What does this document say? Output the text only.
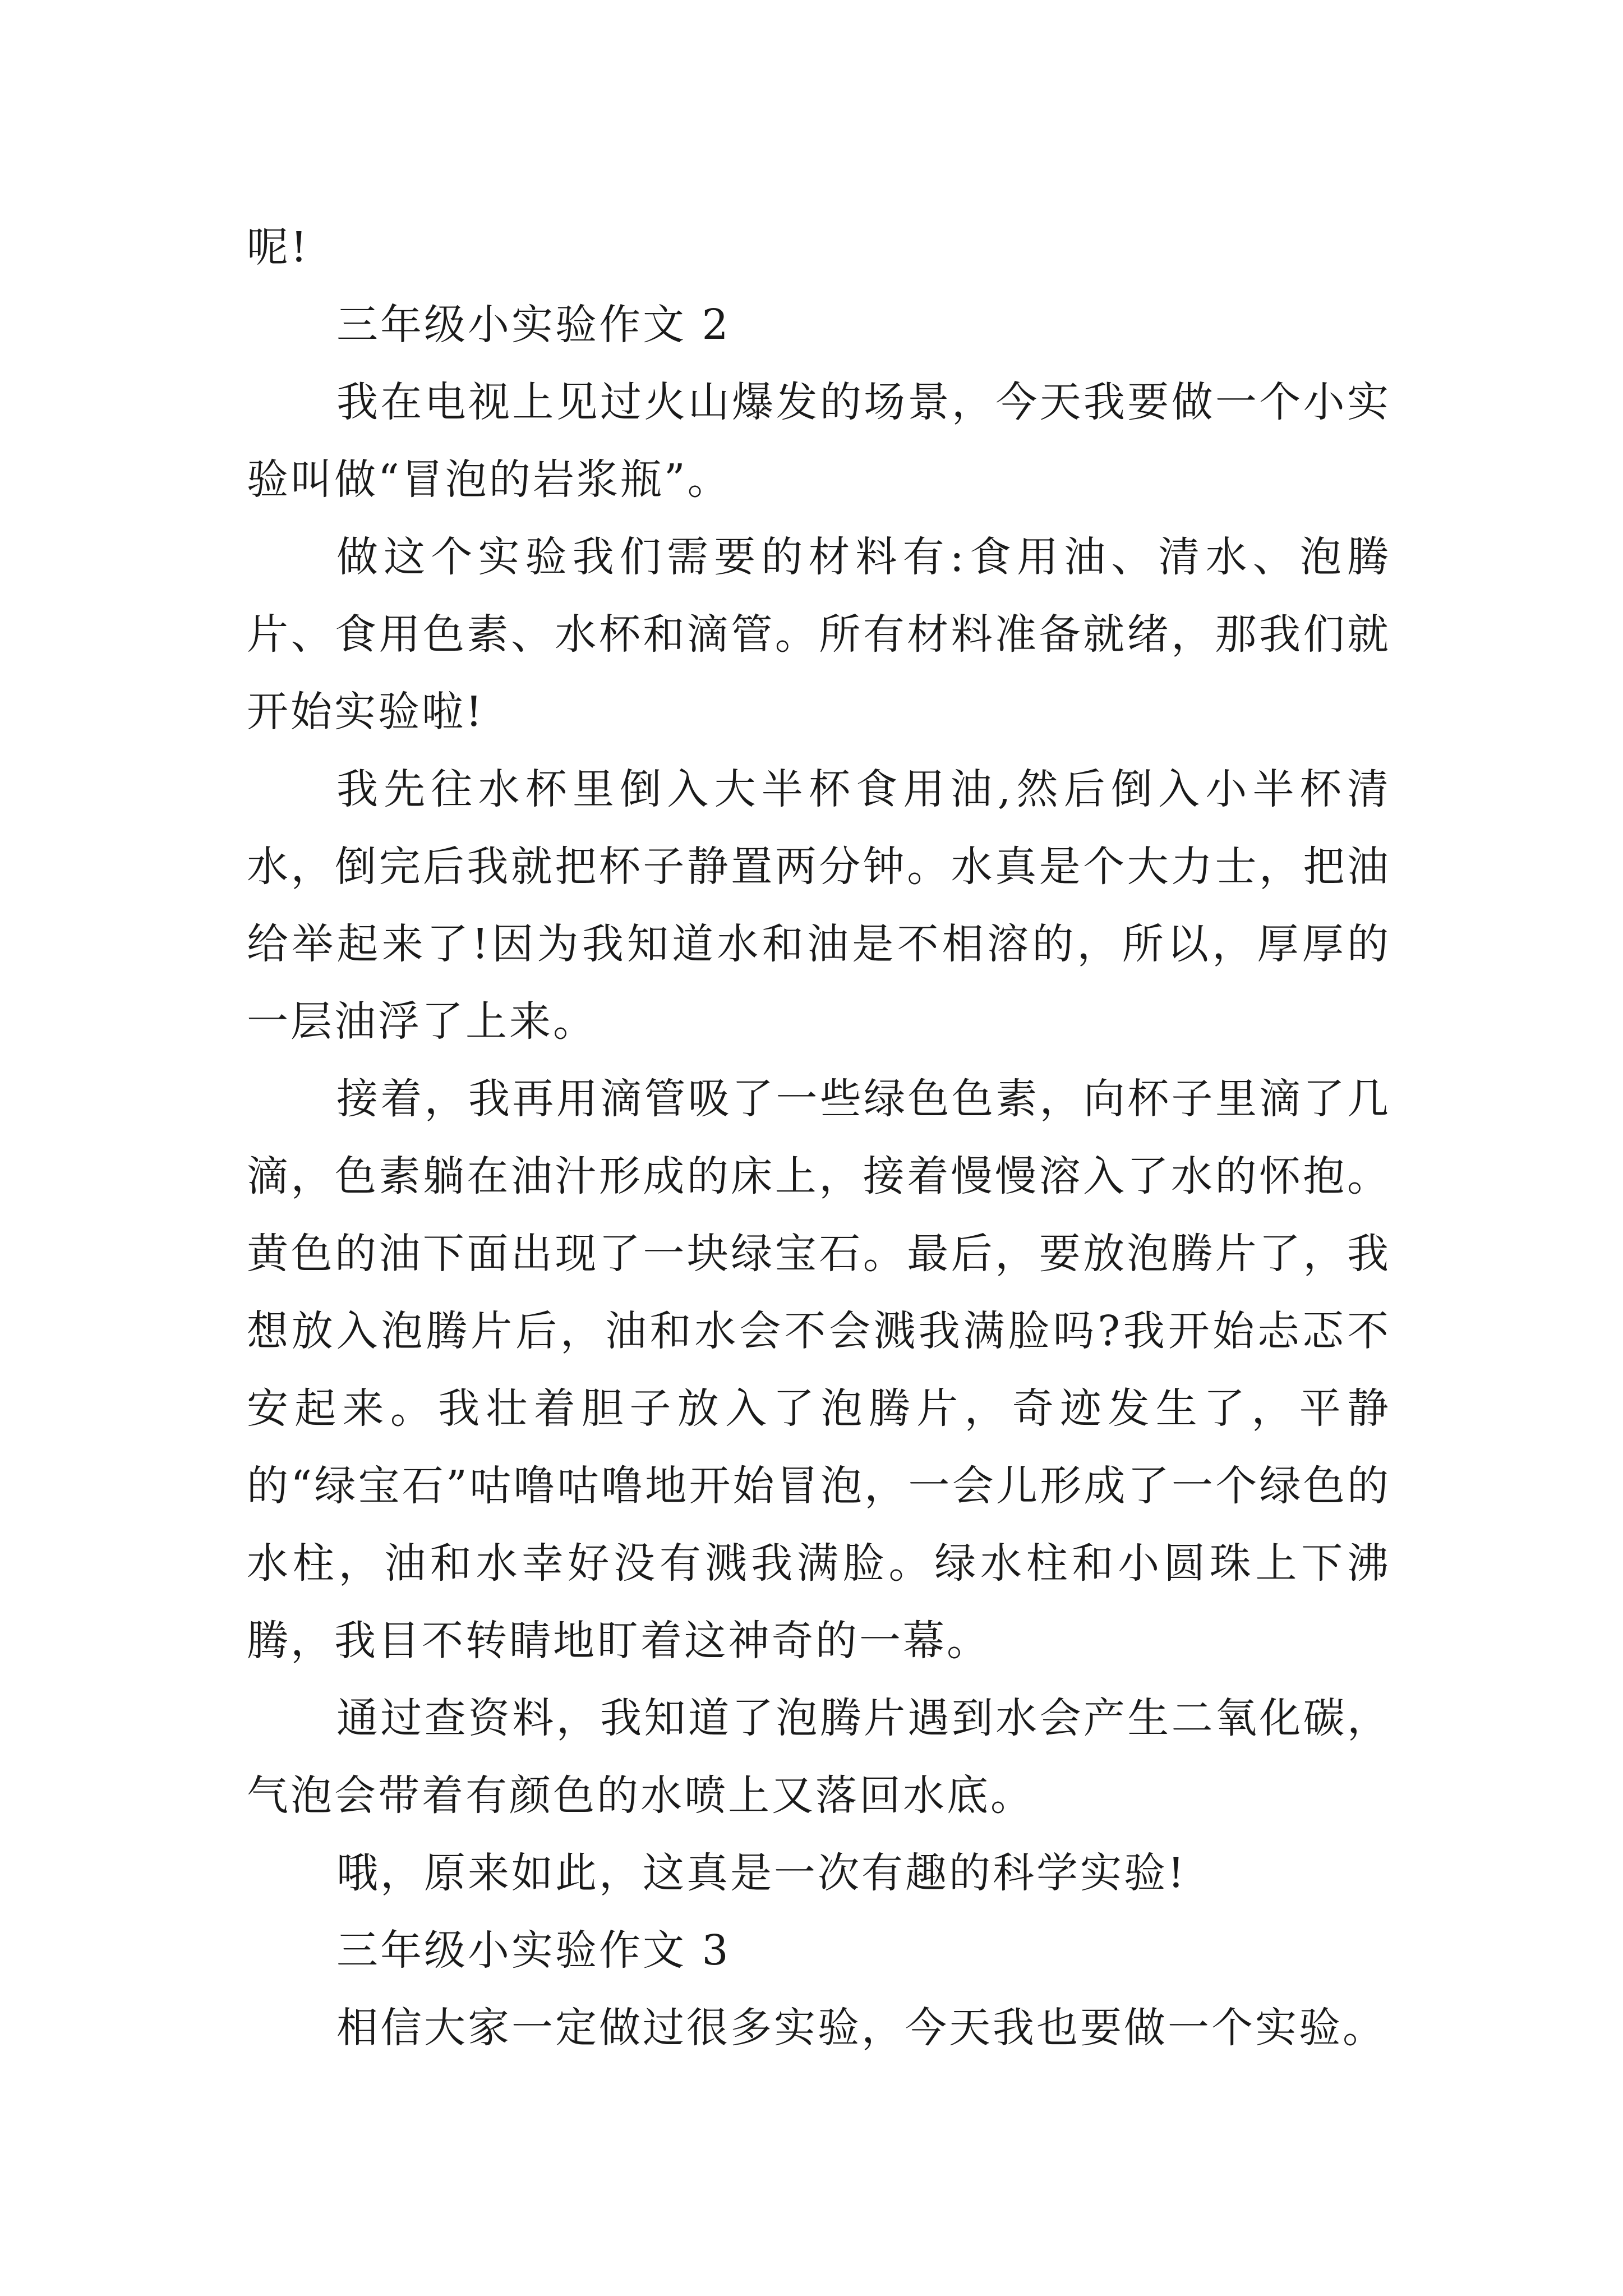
呢!

三年级小实验作文 2

我在电视上见过火山爆发的场景，今天我要做一个小实验叫做“冒泡的岩浆瓶”。

做这个实验我们需要的材料有:食用油、清水、泡腾片、食用色素、水杯和滴管。所有材料准备就绪，那我们就开始实验啦!

我先往水杯里倒入大半杯食用油,然后倒入小半杯清水，倒完后我就把杯子静置两分钟。水真是个大力士，把油给举起来了!因为我知道水和油是不相溶的，所以，厚厚的一层油浮了上来。

接着，我再用滴管吸了一些绿色色素，向杯子里滴了几滴，色素躺在油汁形成的床上，接着慢慢溶入了水的怀抱。黄色的油下面出现了一块绿宝石。最后，要放泡腾片了，我想放入泡腾片后，油和水会不会溅我满脸吗?我开始忐忑不安起来。我壮着胆子放入了泡腾片，奇迹发生了，平静的“绿宝石”咕噜咕噜地开始冒泡，一会儿形成了一个绿色的水柱，油和水幸好没有溅我满脸。绿水柱和小圆珠上下沸腾，我目不转睛地盯着这神奇的一幕。

通过查资料，我知道了泡腾片遇到水会产生二氧化碳，气泡会带着有颜色的水喷上又落回水底。

哦，原来如此，这真是一次有趣的科学实验!

三年级小实验作文 3

相信大家一定做过很多实验，今天我也要做一个实验。
